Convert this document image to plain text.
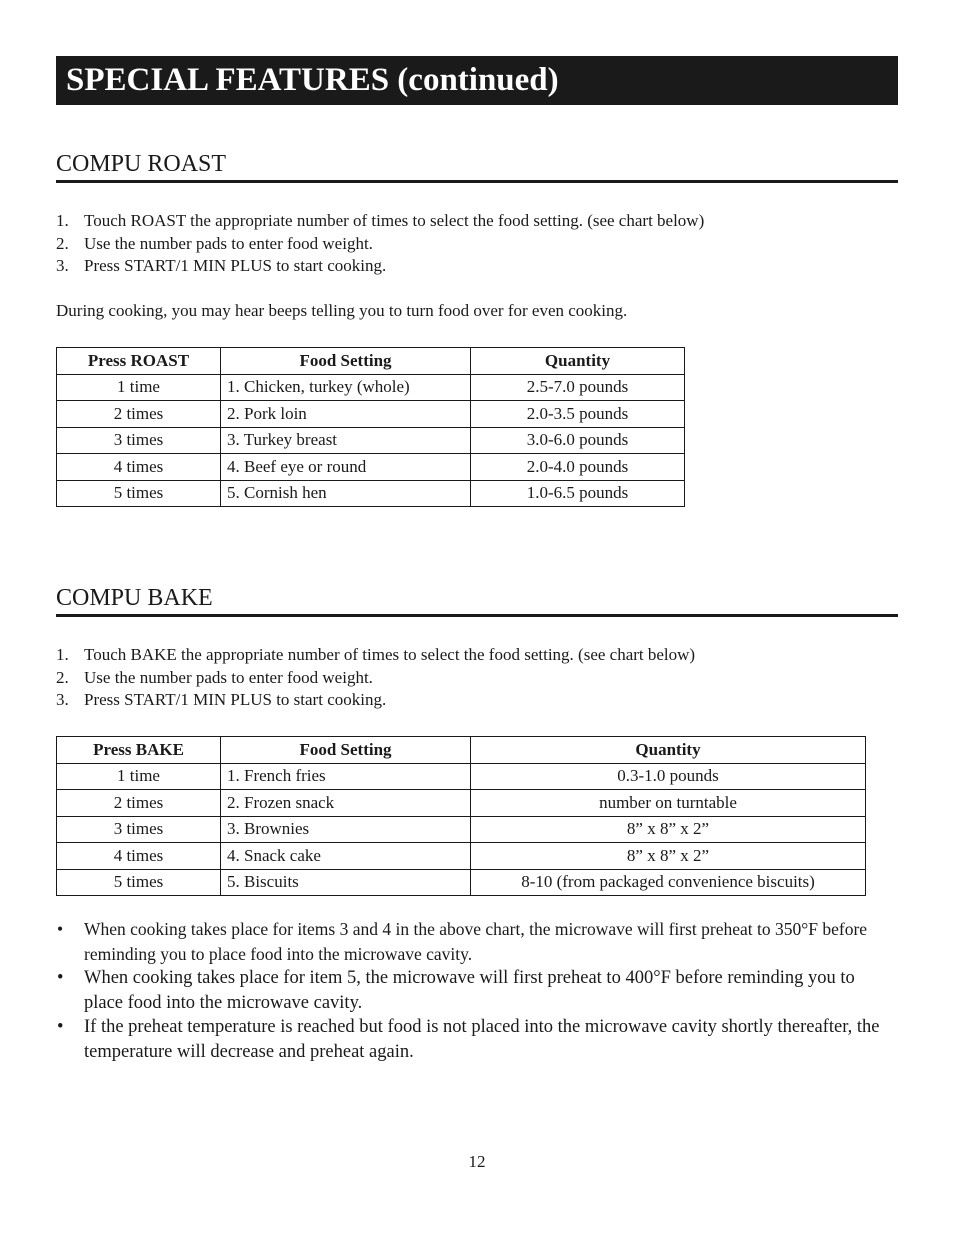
SPECIAL FEATURES (continued)
COMPU ROAST
1. Touch ROAST the appropriate number of times to select the food setting. (see chart below)
2. Use the number pads to enter food weight.
3. Press START/1 MIN PLUS to start cooking.

During cooking, you may hear beeps telling you to turn food over for even cooking.

Press ROAST	Food Setting	Quantity
1 time	1. Chicken, turkey (whole)	2.5-7.0 pounds
2 times	2. Pork loin	2.0-3.5 pounds
3 times	3. Turkey breast	3.0-6.0 pounds
4 times	4. Beef eye or round	2.0-4.0 pounds
5 times	5. Cornish hen	1.0-6.5 pounds
COMPU BAKE
1. Touch BAKE the appropriate number of times to select the food setting. (see chart below)
2. Use the number pads to enter food weight.
3. Press START/1 MIN PLUS to start cooking.
Press BAKE	Food Setting	Quantity
1 time	1. French fries	0.3-1.0 pounds
2 times	2. Frozen snack	number on turntable
3 times	3. Brownies	8” x 8” x 2”
4 times	4. Snack cake	8” x 8” x 2”
5 times	5. Biscuits	8-10 (from packaged convenience biscuits)
• When cooking takes place for items 3 and 4 in the above chart, the microwave will first preheat to 350°F before reminding you to place food into the microwave cavity.
• When cooking takes place for item 5, the microwave will first preheat to 400°F before reminding you to place food into the microwave cavity.
• If the preheat temperature is reached but food is not placed into the microwave cavity shortly thereafter, the temperature will decrease and preheat again.
12
